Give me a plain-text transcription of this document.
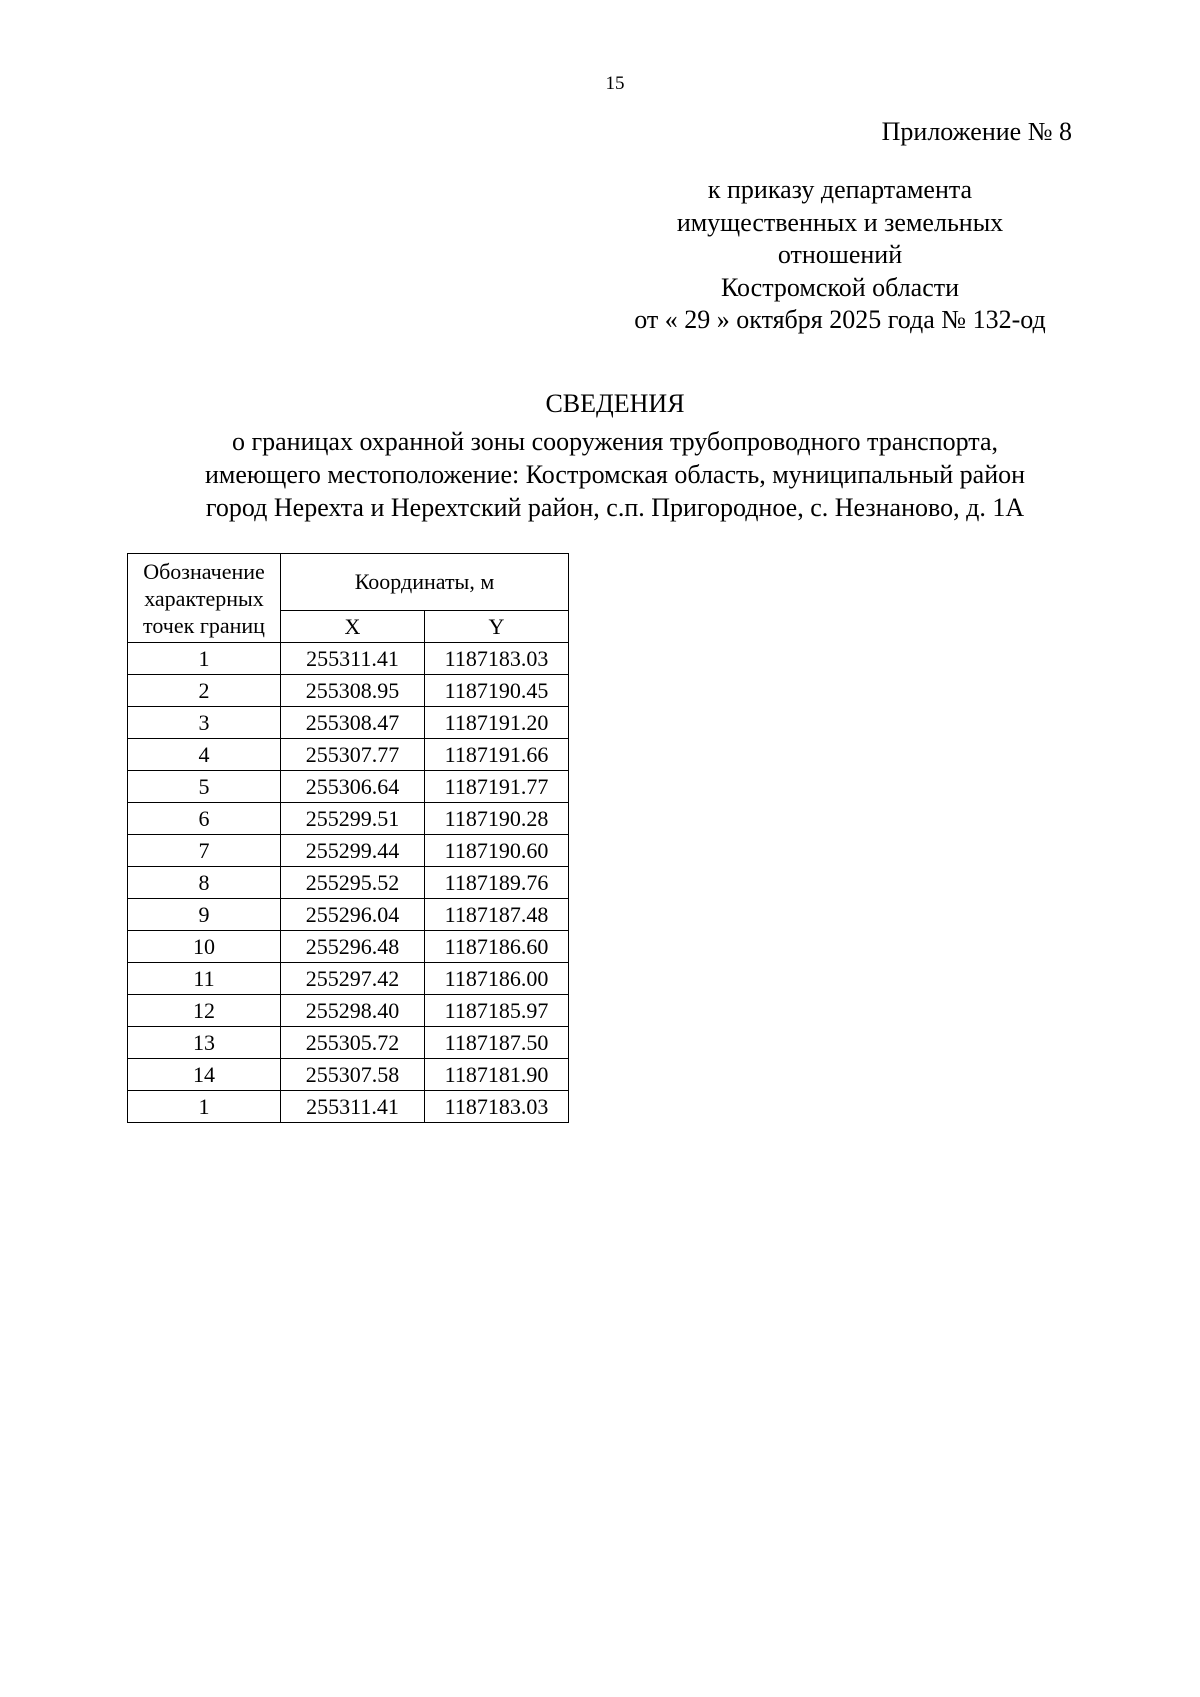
15
Приложение № 8
к приказу департамента
имущественных и земельных
отношений
Костромской области
от « 29 » октября 2025 года № 132-од
СВЕДЕНИЯ
о границах охранной зоны сооружения трубопроводного транспорта,
имеющего местоположение: Костромская область, муниципальный район
город Нерехта и Нерехтский район, с.п. Пригородное, с. Незнаново, д. 1А
Обозначение
характерных
точек границ	Координаты, м	
	X	Y
1	255311.41	1187183.03
2	255308.95	1187190.45
3	255308.47	1187191.20
4	255307.77	1187191.66
5	255306.64	1187191.77
6	255299.51	1187190.28
7	255299.44	1187190.60
8	255295.52	1187189.76
9	255296.04	1187187.48
10	255296.48	1187186.60
11	255297.42	1187186.00
12	255298.40	1187185.97
13	255305.72	1187187.50
14	255307.58	1187181.90
1	255311.41	1187183.03
